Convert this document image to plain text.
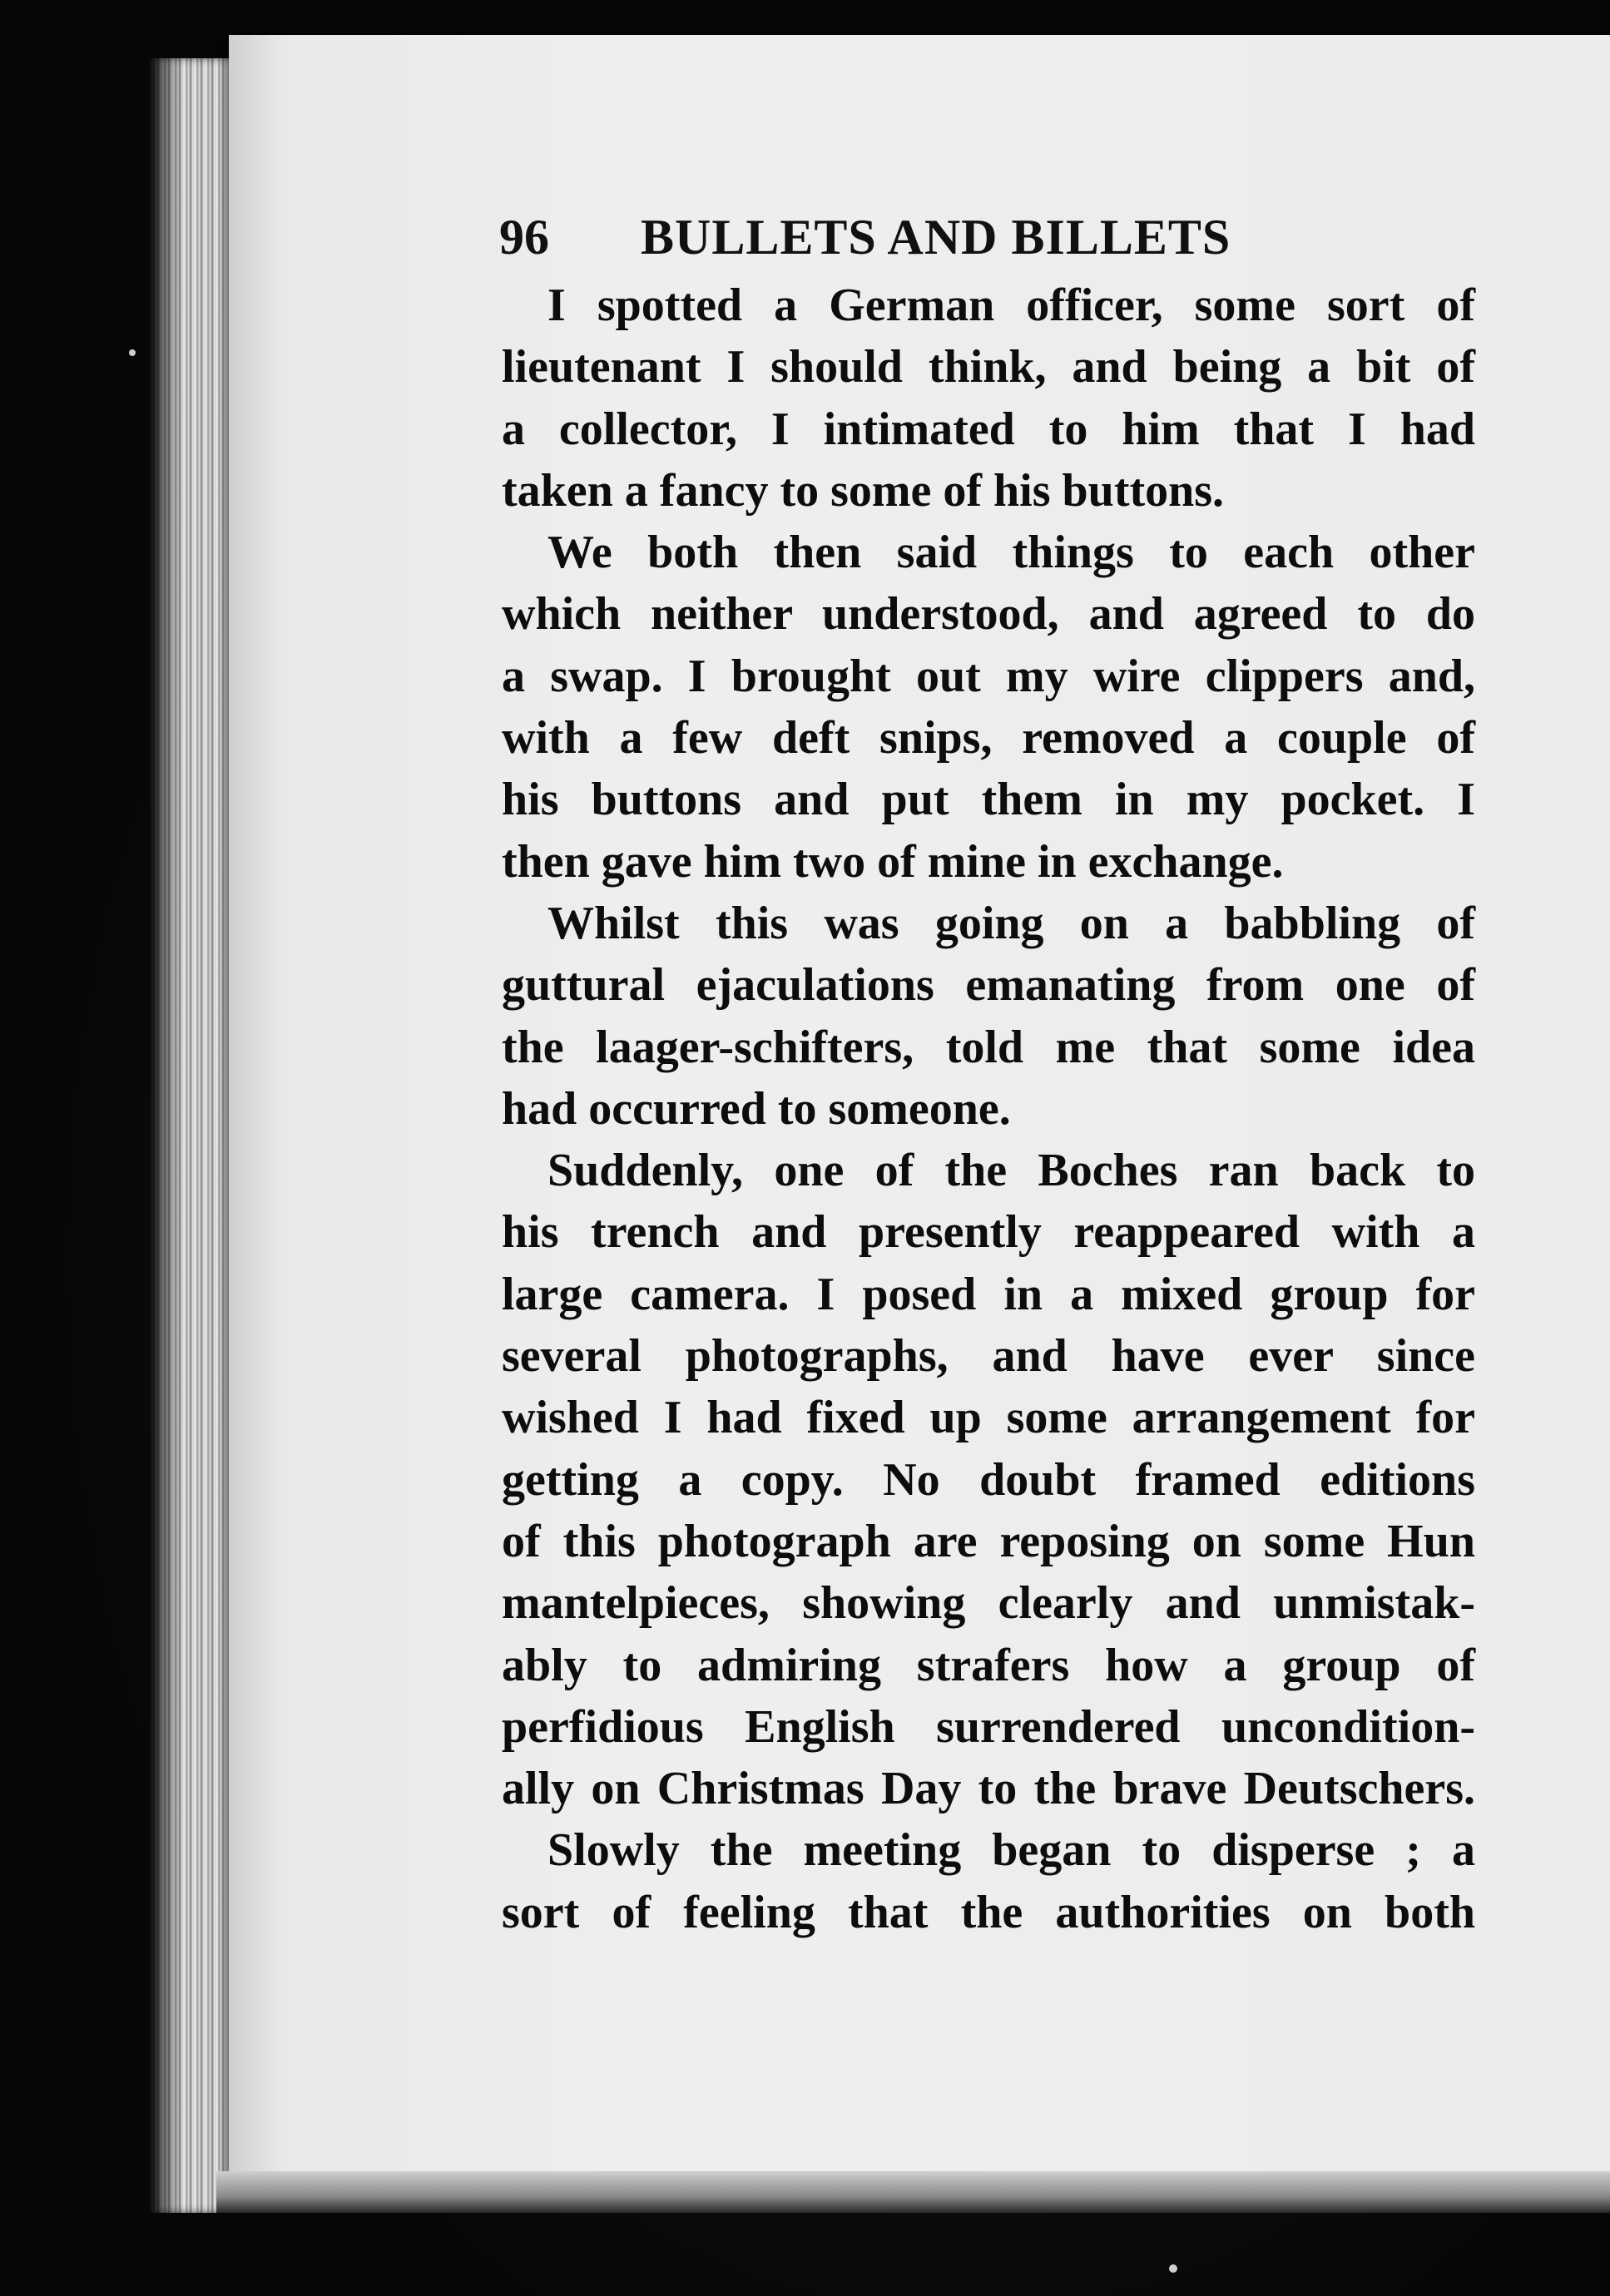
96 BULLETS AND BILLETS
I spotted a German officer, some sort of
lieutenant I should think, and being a bit of
a collector, I intimated to him that I had
taken a fancy to some of his buttons.
We both then said things to each other
which neither understood, and agreed to do
a swap. I brought out my wire clippers and,
with a few deft snips, removed a couple of
his buttons and put them in my pocket. I
then gave him two of mine in exchange.
Whilst this was going on a babbling of
guttural ejaculations emanating from one of
the laager-schifters, told me that some idea
had occurred to someone.
Suddenly, one of the Boches ran back to
his trench and presently reappeared with a
large camera. I posed in a mixed group for
several photographs, and have ever since
wished I had fixed up some arrangement for
getting a copy. No doubt framed editions
of this photograph are reposing on some Hun
mantelpieces, showing clearly and unmistak-
ably to admiring strafers how a group of
perfidious English surrendered uncondition-
ally on Christmas Day to the brave Deutschers.
Slowly the meeting began to disperse ; a
sort of feeling that the authorities on both
